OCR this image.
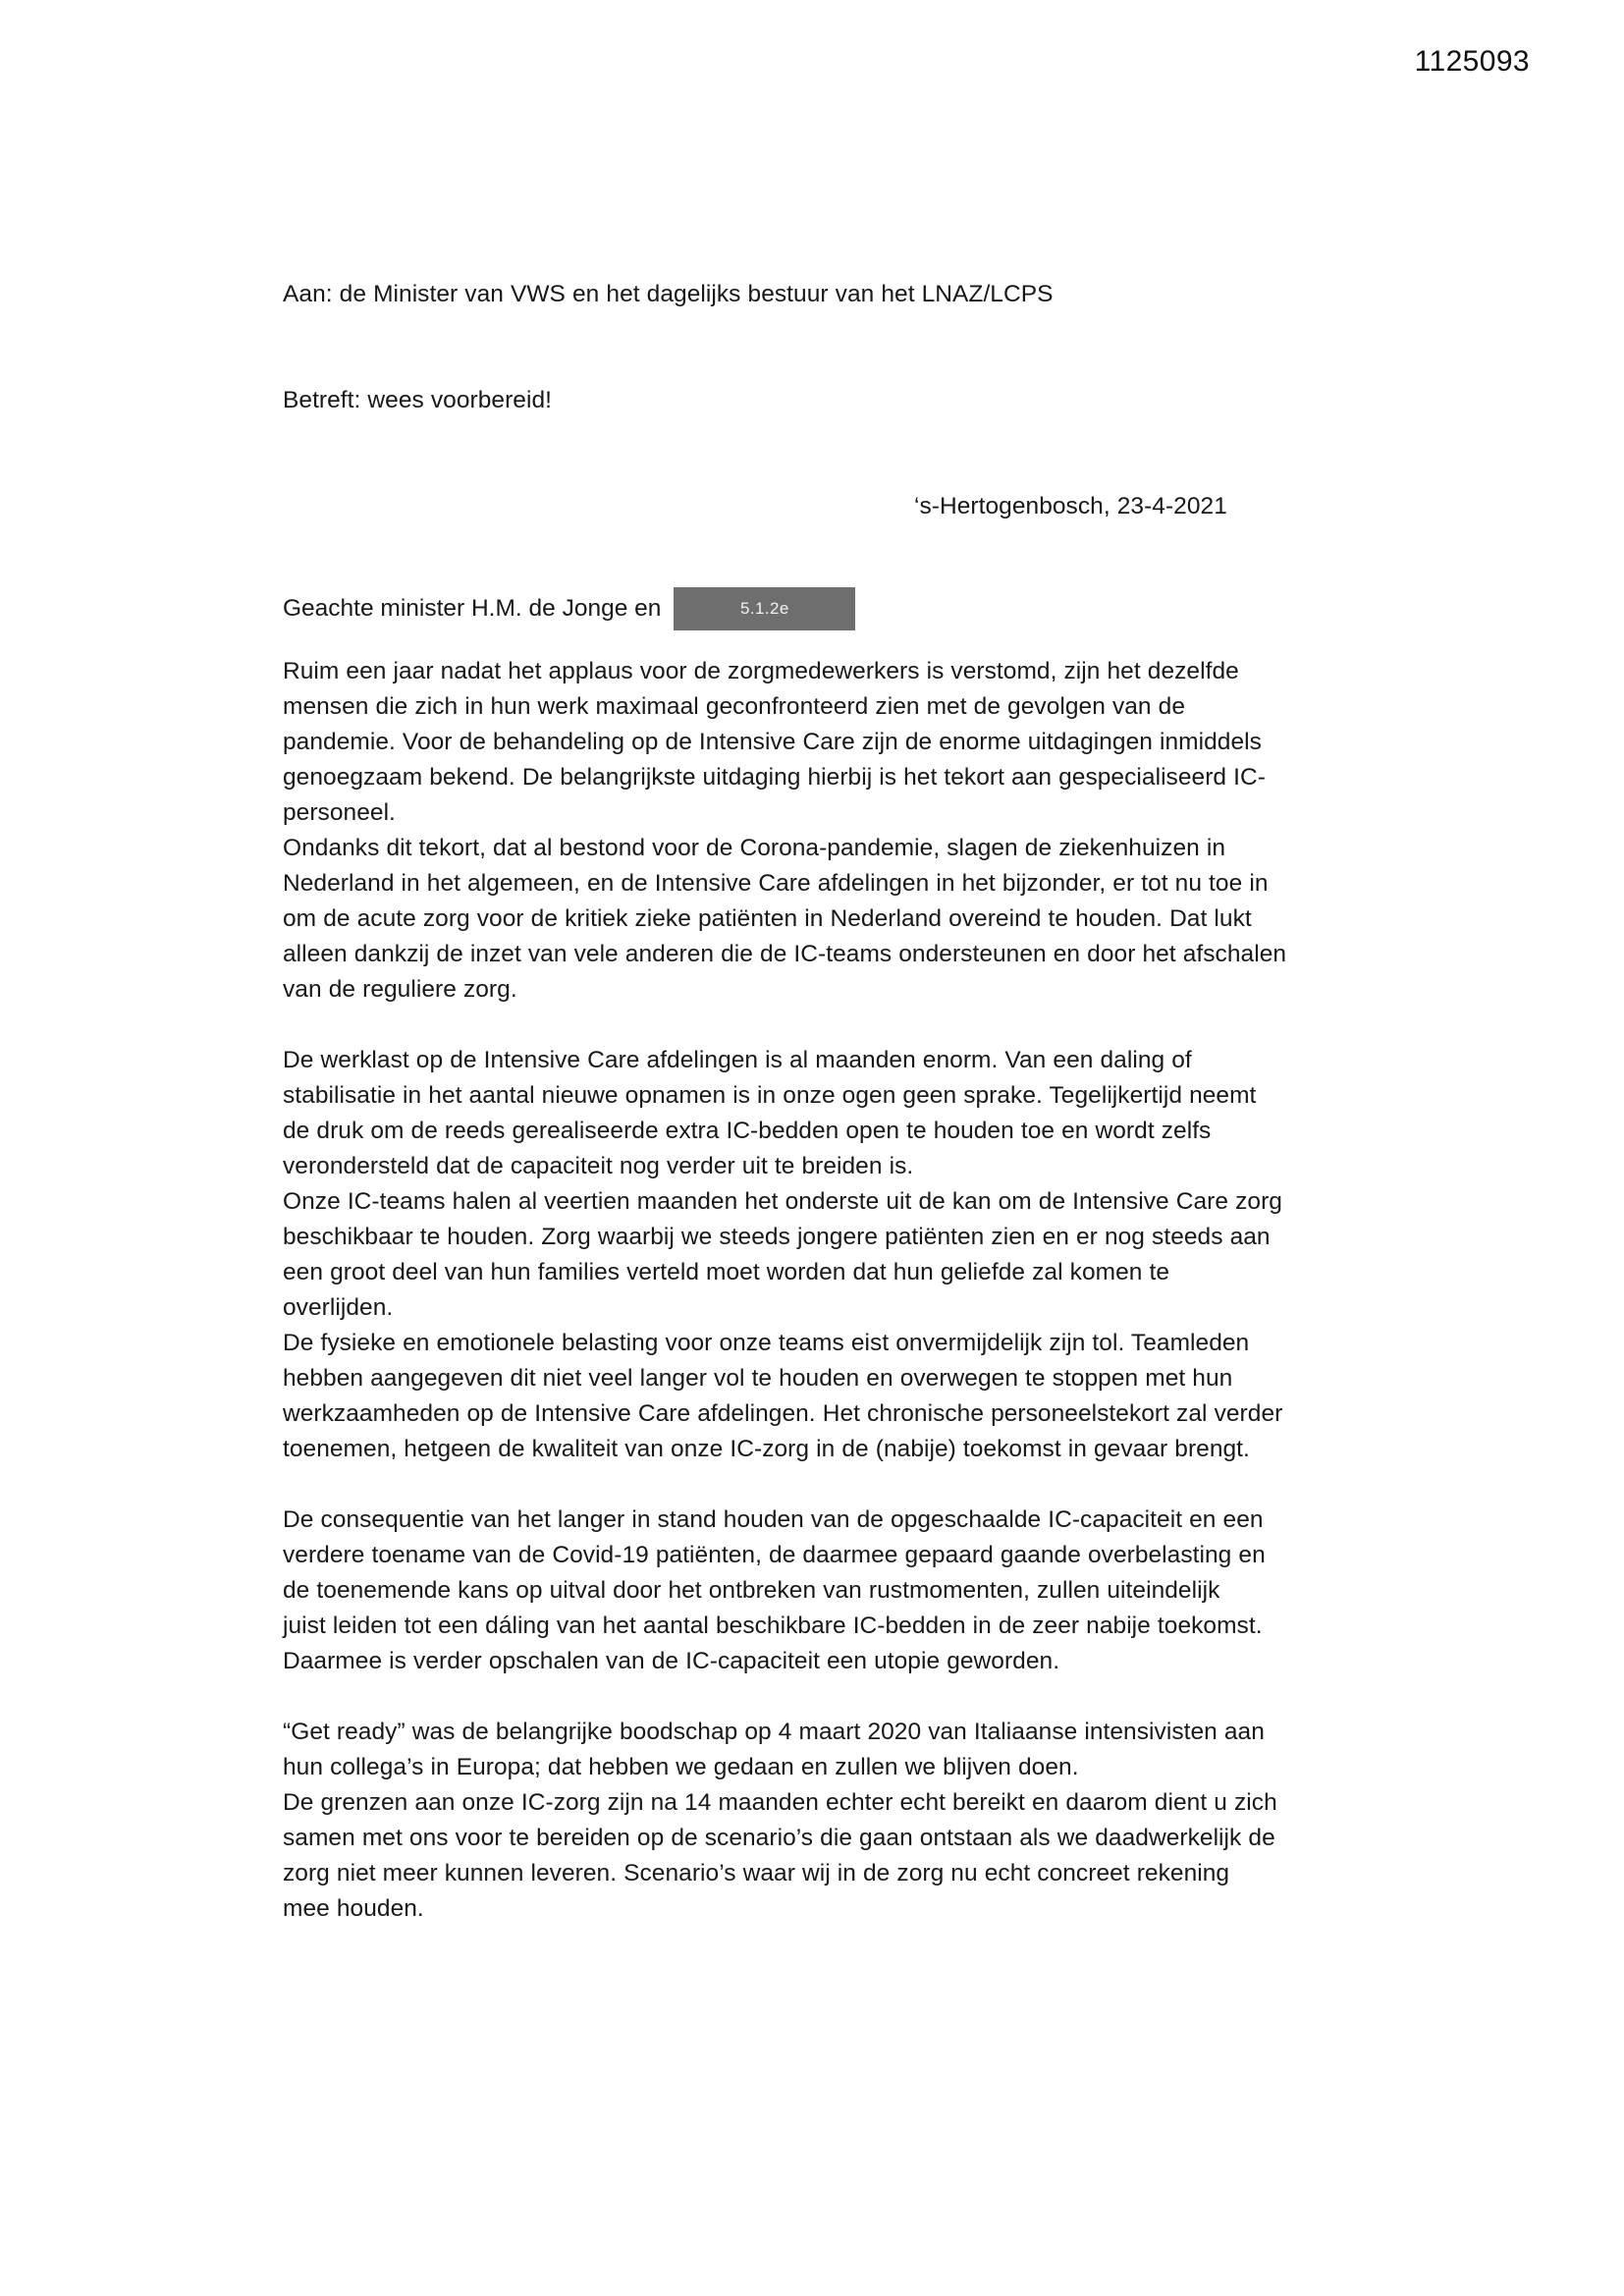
1125093
Aan: de Minister van VWS en het dagelijks bestuur van het LNAZ/LCPS
Betreft: wees voorbereid!
‘s-Hertogenbosch, 23-4-2021
Geachte minister H.M. de Jonge en	5.1.2e

Ruim een jaar nadat het applaus voor de zorgmedewerkers is verstomd, zijn het dezelfde

mensen die zich in hun werk maximaal geconfronteerd zien met de gevolgen van de

pandemie. Voor de behandeling op de Intensive Care zijn de enorme uitdagingen inmiddels

genoegzaam bekend. De belangrijkste uitdaging hierbij is het tekort aan gespecialiseerd IC-

personeel.

Ondanks dit tekort, dat al bestond voor de Corona-pandemie, slagen de ziekenhuizen in

Nederland in het algemeen, en de Intensive Care afdelingen in het bijzonder, er tot nu toe in

om de acute zorg voor de kritiek zieke patiënten in Nederland overeind te houden. Dat lukt

alleen dankzij de inzet van vele anderen die de IC-teams ondersteunen en door het afschalen

van de reguliere zorg.

De werklast op de Intensive Care afdelingen is al maanden enorm. Van een daling of

stabilisatie in het aantal nieuwe opnamen is in onze ogen geen sprake. Tegelijkertijd neemt

de druk om de reeds gerealiseerde extra IC-bedden open te houden toe en wordt zelfs

verondersteld dat de capaciteit nog verder uit te breiden is.

Onze IC-teams halen al veertien maanden het onderste uit de kan om de Intensive Care zorg

beschikbaar te houden. Zorg waarbij we steeds jongere patiënten zien en er nog steeds aan

een groot deel van hun families verteld moet worden dat hun geliefde zal komen te

overlijden.

De fysieke en emotionele belasting voor onze teams eist onvermijdelijk zijn tol. Teamleden

hebben aangegeven dit niet veel langer vol te houden en overwegen te stoppen met hun

werkzaamheden op de Intensive Care afdelingen. Het chronische personeelstekort zal verder

toenemen, hetgeen de kwaliteit van onze IC-zorg in de (nabije) toekomst in gevaar brengt.

De consequentie van het langer in stand houden van de opgeschaalde IC-capaciteit en een

verdere toename van de Covid-19 patiënten, de daarmee gepaard gaande overbelasting en

de toenemende kans op uitval door het ontbreken van rustmomenten, zullen uiteindelijk

juist leiden tot een dáling van het aantal beschikbare IC-bedden in de zeer nabije toekomst.

Daarmee is verder opschalen van de IC-capaciteit een utopie geworden.

“Get ready” was de belangrijke boodschap op 4 maart 2020 van Italiaanse intensivisten aan

hun collega’s in Europa; dat hebben we gedaan en zullen we blijven doen.

De grenzen aan onze IC-zorg zijn na 14 maanden echter echt bereikt en daarom dient u zich

samen met ons voor te bereiden op de scenario’s die gaan ontstaan als we daadwerkelijk de

zorg niet meer kunnen leveren. Scenario’s waar wij in de zorg nu echt concreet rekening

mee houden.
